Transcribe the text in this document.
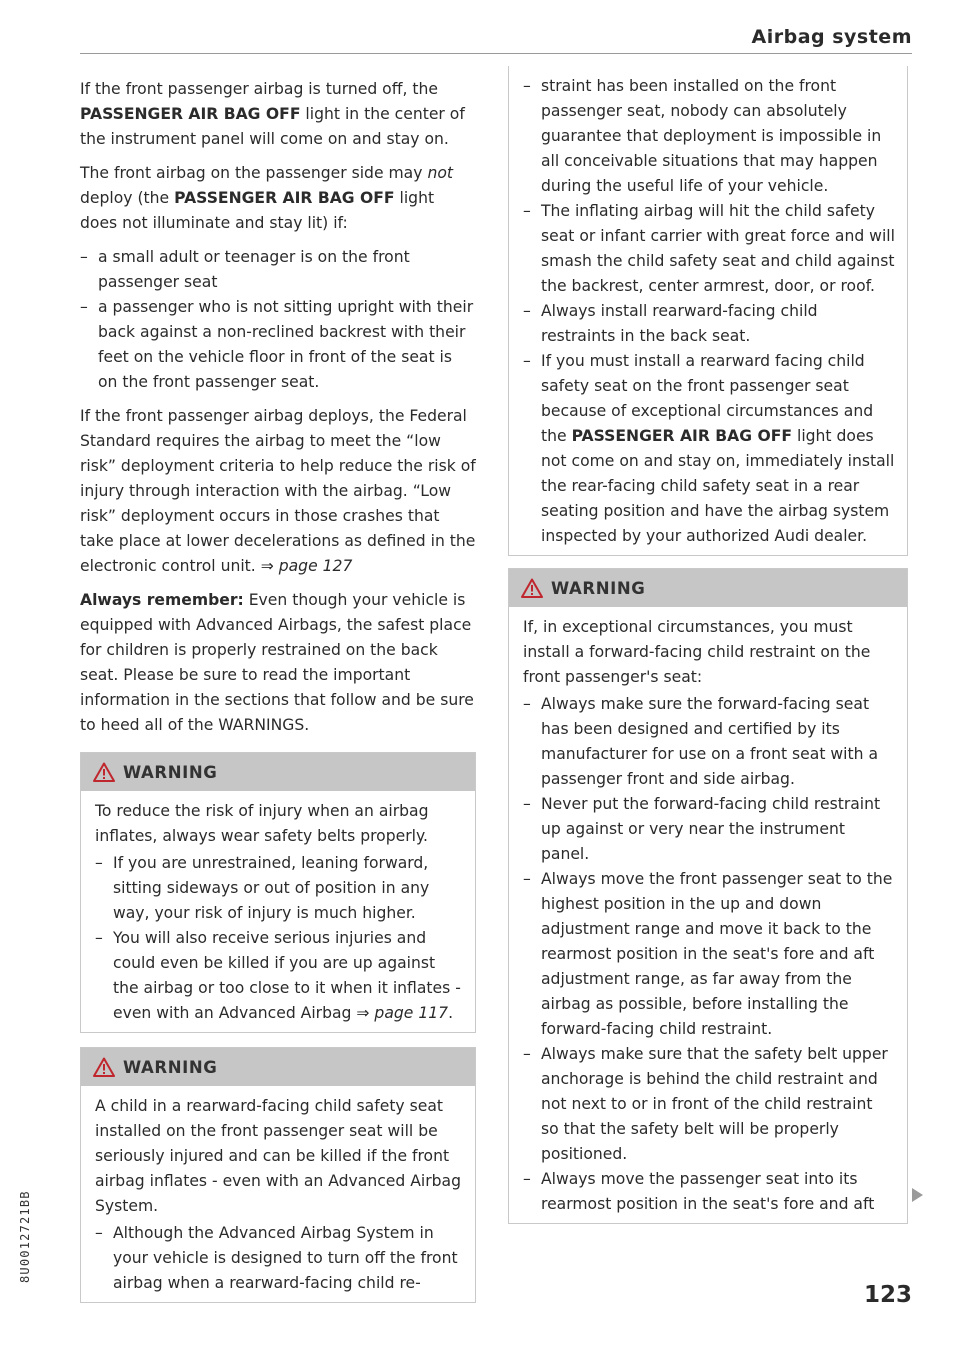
Airbag system

If the front passenger airbag is turned off, the PASSENGER AIR BAG OFF light in the center of the instrument panel will come on and stay on.

The front airbag on the passenger side may not deploy (the PASSENGER AIR BAG OFF light does not illuminate and stay lit) if:

– a small adult or teenager is on the front passenger seat
– a passenger who is not sitting upright with their back against a non-reclined backrest with their feet on the vehicle floor in front of the seat is on the front passenger seat.

If the front passenger airbag deploys, the Federal Standard requires the airbag to meet the “low risk” deployment criteria to help reduce the risk of injury through interaction with the airbag. “Low risk” deployment occurs in those crashes that take place at lower decelerations as defined in the electronic control unit. ⇒ page 127

Always remember: Even though your vehicle is equipped with Advanced Airbags, the safest place for children is properly restrained on the back seat. Please be sure to read the important information in the sections that follow and be sure to heed all of the WARNINGS.

WARNING

To reduce the risk of injury when an airbag inflates, always wear safety belts properly.

– If you are unrestrained, leaning forward, sitting sideways or out of position in any way, your risk of injury is much higher.
– You will also receive serious injuries and could even be killed if you are up against the airbag or too close to it when it inflates - even with an Advanced Airbag ⇒ page 117.
WARNING

A child in a rearward-facing child safety seat installed on the front passenger seat will be seriously injured and can be killed if the front airbag inflates - even with an Advanced Airbag System.

– Although the Advanced Airbag System in your vehicle is designed to turn off the front airbag when a rearward-facing child re-
– straint has been installed on the front passenger seat, nobody can absolutely guarantee that deployment is impossible in all conceivable situations that may happen during the useful life of your vehicle.
– The inflating airbag will hit the child safety seat or infant carrier with great force and will smash the child safety seat and child against the backrest, center armrest, door, or roof.
– Always install rearward-facing child restraints in the back seat.
– If you must install a rearward facing child safety seat on the front passenger seat because of exceptional circumstances and the PASSENGER AIR BAG OFF light does not come on and stay on, immediately install the rear-facing child safety seat in a rear seating position and have the airbag system inspected by your authorized Audi dealer.
WARNING

If, in exceptional circumstances, you must install a forward-facing child restraint on the front passenger's seat:

– Always make sure the forward-facing seat has been designed and certified by its manufacturer for use on a front seat with a passenger front and side airbag.
– Never put the forward-facing child restraint up against or very near the instrument panel.
– Always move the front passenger seat to the highest position in the up and down adjustment range and move it back to the rearmost position in the seat's fore and aft adjustment range, as far away from the airbag as possible, before installing the forward-facing child restraint.
– Always make sure that the safety belt upper anchorage is behind the child restraint and not next to or in front of the child restraint so that the safety belt will be properly positioned.
– Always move the passenger seat into its rearmost position in the seat's fore and aft
123
8U0012721BB
